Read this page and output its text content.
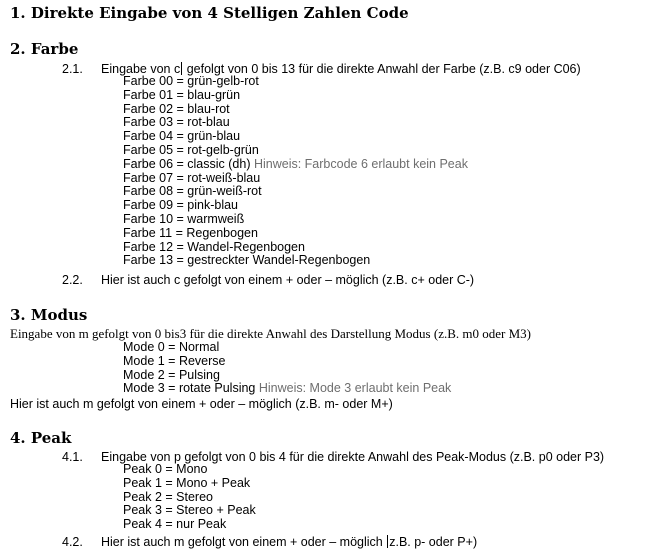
1. Direkte Eingabe von 4 Stelligen Zahlen Code
2. Farbe
2.1. Eingabe von c gefolgt von 0 bis 13 für die direkte Anwahl der Farbe (z.B. c9 oder C06)
Farbe 00 = grün-gelb-rot
Farbe 01 = blau-grün
Farbe 02 = blau-rot
Farbe 03 = rot-blau
Farbe 04 = grün-blau
Farbe 05 = rot-gelb-grün
Farbe 06 = classic (dh) Hinweis: Farbcode 6 erlaubt kein Peak
Farbe 07 = rot-weiß-blau
Farbe 08 = grün-weiß-rot
Farbe 09 = pink-blau
Farbe 10 = warmweiß
Farbe 11 = Regenbogen
Farbe 12 = Wandel-Regenbogen
Farbe 13 = gestreckter Wandel-Regenbogen
2.2. Hier ist auch c gefolgt von einem + oder – möglich (z.B. c+ oder C-)
3. Modus
Eingabe von m gefolgt von 0 bis3 für die direkte Anwahl des Darstellung Modus (z.B. m0 oder M3)
Mode 0 = Normal
Mode 1 = Reverse
Mode 2 = Pulsing
Mode 3 = rotate Pulsing Hinweis: Mode 3 erlaubt kein Peak
Hier ist auch m gefolgt von einem + oder – möglich (z.B. m- oder M+)
4. Peak
4.1. Eingabe von p gefolgt von 0 bis 4 für die direkte Anwahl des Peak-Modus (z.B. p0 oder P3)
Peak 0 = Mono
Peak 1 = Mono + Peak
Peak 2 = Stereo
Peak 3 = Stereo + Peak
Peak 4 = nur Peak
4.2. Hier ist auch m gefolgt von einem + oder – möglich z.B. p- oder P+)
